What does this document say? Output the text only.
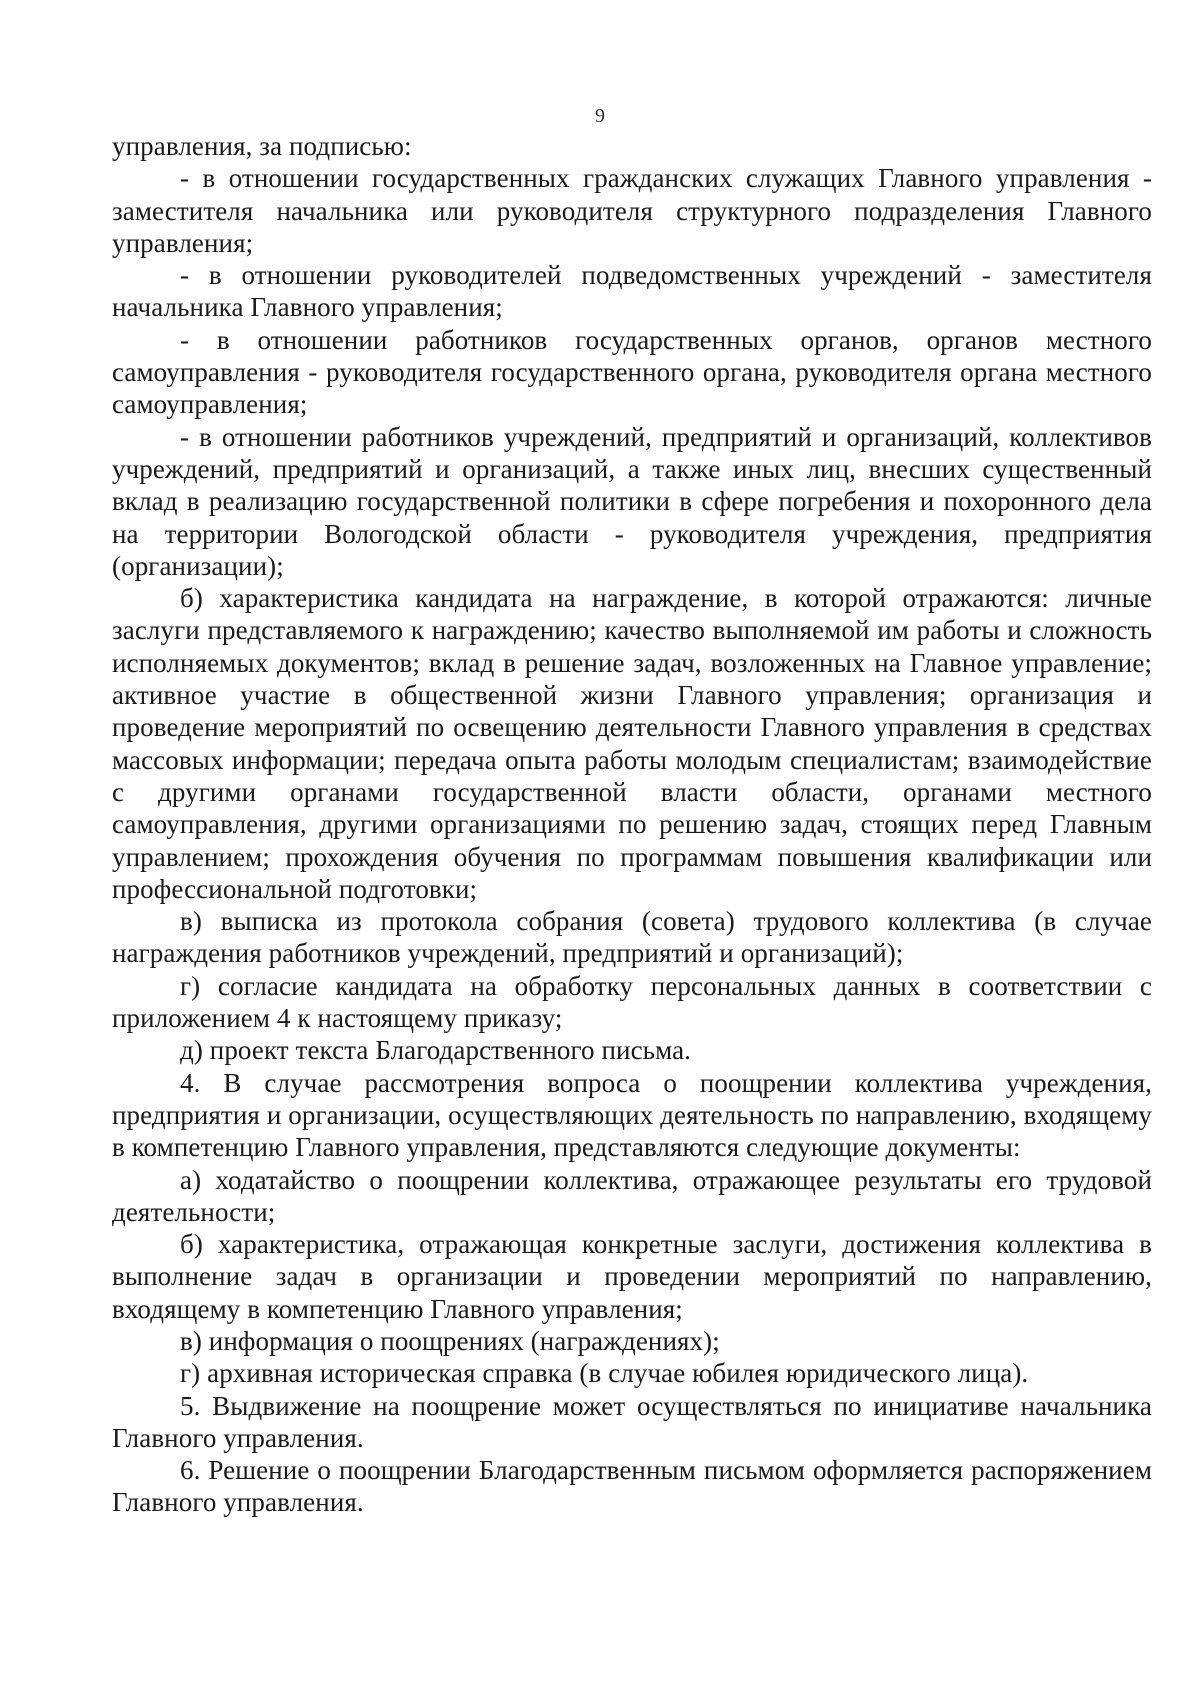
9

управления, за подписью:

- в отношении государственных гражданских служащих Главного управления - заместителя начальника или руководителя структурного подразделения Главного управления;

- в отношении руководителей подведомственных учреждений - заместителя начальника Главного управления;

- в отношении работников государственных органов, органов местного самоуправления - руководителя государственного органа, руководителя органа местного самоуправления;

- в отношении работников учреждений, предприятий и организаций, коллективов учреждений, предприятий и организаций, а также иных лиц, внесших существенный вклад в реализацию государственной политики в сфере погребения и похоронного дела на территории Вологодской области - руководителя учреждения, предприятия (организации);

б) характеристика кандидата на награждение, в которой отражаются: личные заслуги представляемого к награждению; качество выполняемой им работы и сложность исполняемых документов; вклад в решение задач, возложенных на Главное управление; активное участие в общественной жизни Главного управления; организация и проведение мероприятий по освещению деятельности Главного управления в средствах массовых информации; передача опыта работы молодым специалистам; взаимодействие с другими органами государственной власти области, органами местного самоуправления, другими организациями по решению задач, стоящих перед Главным управлением; прохождения обучения по программам повышения квалификации или профессиональной подготовки;

в) выписка из протокола собрания (совета) трудового коллектива (в случае награждения работников учреждений, предприятий и организаций);

г) согласие кандидата на обработку персональных данных в соответствии с приложением 4 к настоящему приказу;

д) проект текста Благодарственного письма.

4. В случае рассмотрения вопроса о поощрении коллектива учреждения, предприятия и организации, осуществляющих деятельность по направлению, входящему в компетенцию Главного управления, представляются следующие документы:

а) ходатайство о поощрении коллектива, отражающее результаты его трудовой деятельности;

б) характеристика, отражающая конкретные заслуги, достижения коллектива в выполнение задач в организации и проведении мероприятий по направлению, входящему в компетенцию Главного управления;

в) информация о поощрениях (награждениях);

г) архивная историческая справка (в случае юбилея юридического лица).

5. Выдвижение на поощрение может осуществляться по инициативе начальника Главного управления.

6. Решение о поощрении Благодарственным письмом оформляется распоряжением Главного управления.
